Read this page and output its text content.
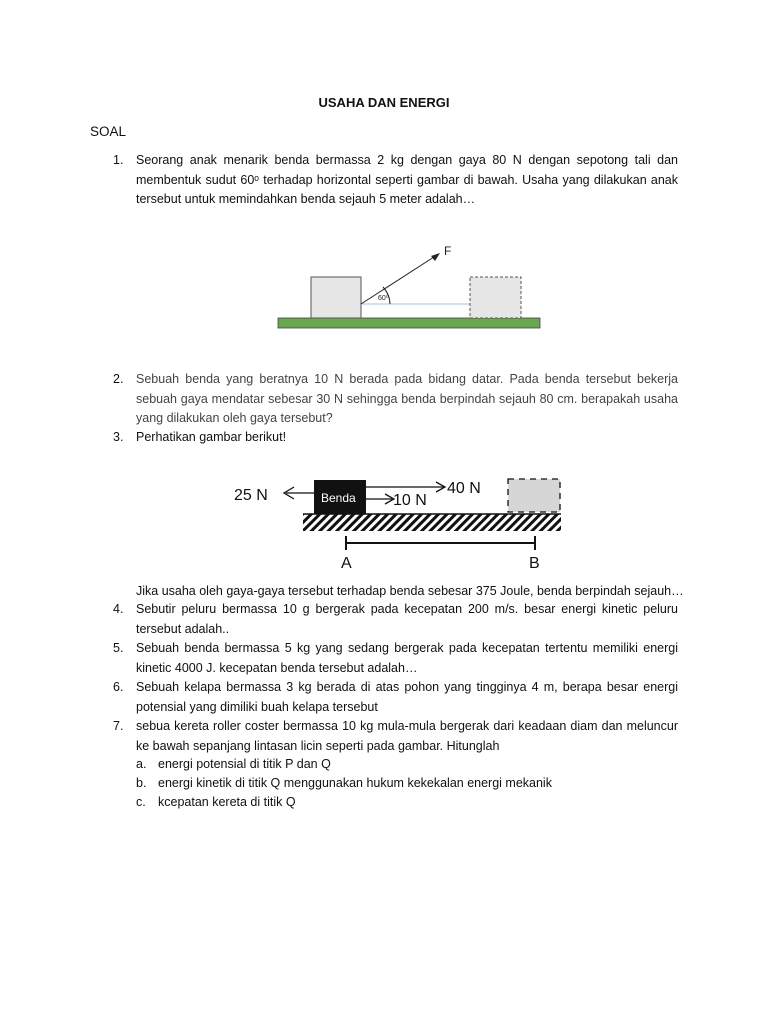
USAHA DAN ENERGI
SOAL
1. Seorang anak menarik benda bermassa 2 kg dengan gaya 80 N dengan sepotong tali dan membentuk sudut 60ᵒ terhadap horizontal seperti gambar di bawah. Usaha yang dilakukan anak tersebut untuk memindahkan benda sejauh 5 meter adalah…
60⁰
F
2. Sebuah benda yang beratnya 10 N berada pada bidang datar. Pada benda tersebut bekerja sebuah gaya mendatar sebesar 30 N sehingga benda berpindah sejauh 80 cm. berapakah usaha yang dilakukan oleh gaya tersebut?
3. Perhatikan gambar berikut!
Benda
25 N	40 N
10 N
A	B
Jika usaha oleh gaya-gaya tersebut terhadap benda sebesar 375 Joule, benda berpindah sejauh…
4. Sebutir peluru bermassa 10 g bergerak pada kecepatan 200 m/s. besar energi kinetic peluru tersebut adalah..
5. Sebuah benda bermassa 5 kg yang sedang bergerak pada kecepatan tertentu memiliki energi kinetic 4000 J. kecepatan benda tersebut adalah…
6. Sebuah kelapa bermassa 3 kg berada di atas pohon yang tingginya 4 m, berapa besar energi potensial yang dimiliki buah kelapa tersebut
7. sebua kereta roller coster bermassa 10 kg mula-mula bergerak dari keadaan diam dan meluncur ke bawah sepanjang lintasan licin seperti pada gambar. Hitunglah
a. energi potensial di titik P dan Q
b. energi kinetik di titik Q menggunakan hukum kekekalan energi mekanik
c. kcepatan kereta di titik Q
